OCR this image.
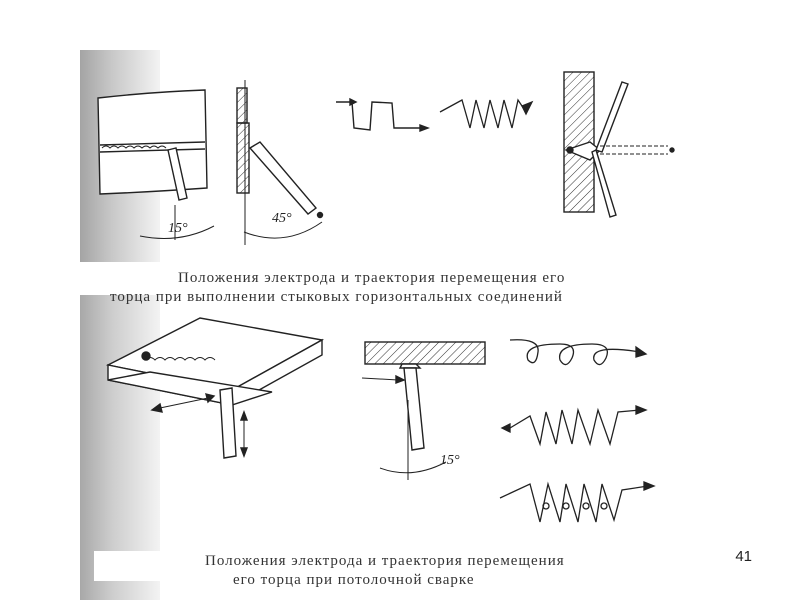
15°
45°
15°
Положения электрода и траектория перемещения его
торца при выполнении стыковых горизонтальных соединений
Положения электрода и траектория перемещения
его торца при потолочной сварке
41
